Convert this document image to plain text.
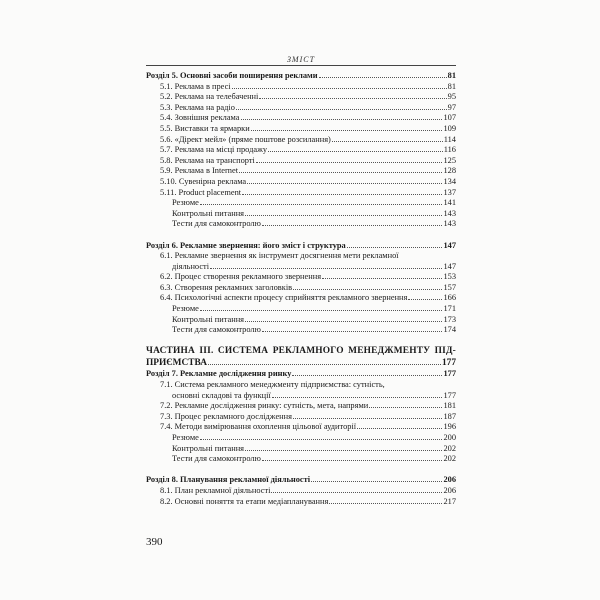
ЗМІСТ
Розділ 5. Основні засоби поширення реклами	81
5.1. Реклама в пресі	81
5.2. Реклама на телебаченні	95
5.3. Реклама на радіо	97
5.4. Зовнішня реклама	107
5.5. Виставки та ярмарки	109
5.6. «Дірект мейл» (пряме поштове розсилання)	114
5.7. Реклама на місці продажу	116
5.8. Реклама на транспорті	125
5.9. Реклама в Internet	128
5.10. Сувенірна реклама	134
5.11. Product placement	137
Резюме	141
Контрольні питання	143
Тести для самоконтролю	143
Розділ 6. Рекламне звернення: його зміст і структура	147
6.1. Рекламне звернення як інструмент досягнення мети рекламної
діяльності	147
6.2. Процес створення рекламного звернення	153
6.3. Створення рекламних заголовків	157
6.4. Психологічні аспекти процесу сприйняття рекламного звернення	166
Резюме	171
Контрольні питання	173
Тести для самоконтролю	174
ЧАСТИНА III. СИСТЕМА РЕКЛАМНОГО МЕНЕДЖМЕНТУ ПІД-
ПРИЄМСТВА	177
Розділ 7. Рекламне дослідження ринку	177
7.1. Система рекламного менеджменту підприємства: сутність,
основні складові та функції	177
7.2. Рекламне дослідження ринку: сутність, мета, напрями	181
7.3. Процес рекламного дослідження	187
7.4. Методи вимірювання охоплення цільової аудиторії	196
Резюме	200
Контрольні питання	202
Тести для самоконтролю	202
Розділ 8. Планування рекламної діяльності	206
8.1. План рекламної діяльності	206
8.2. Основні поняття та етапи медіапланування	217
390
